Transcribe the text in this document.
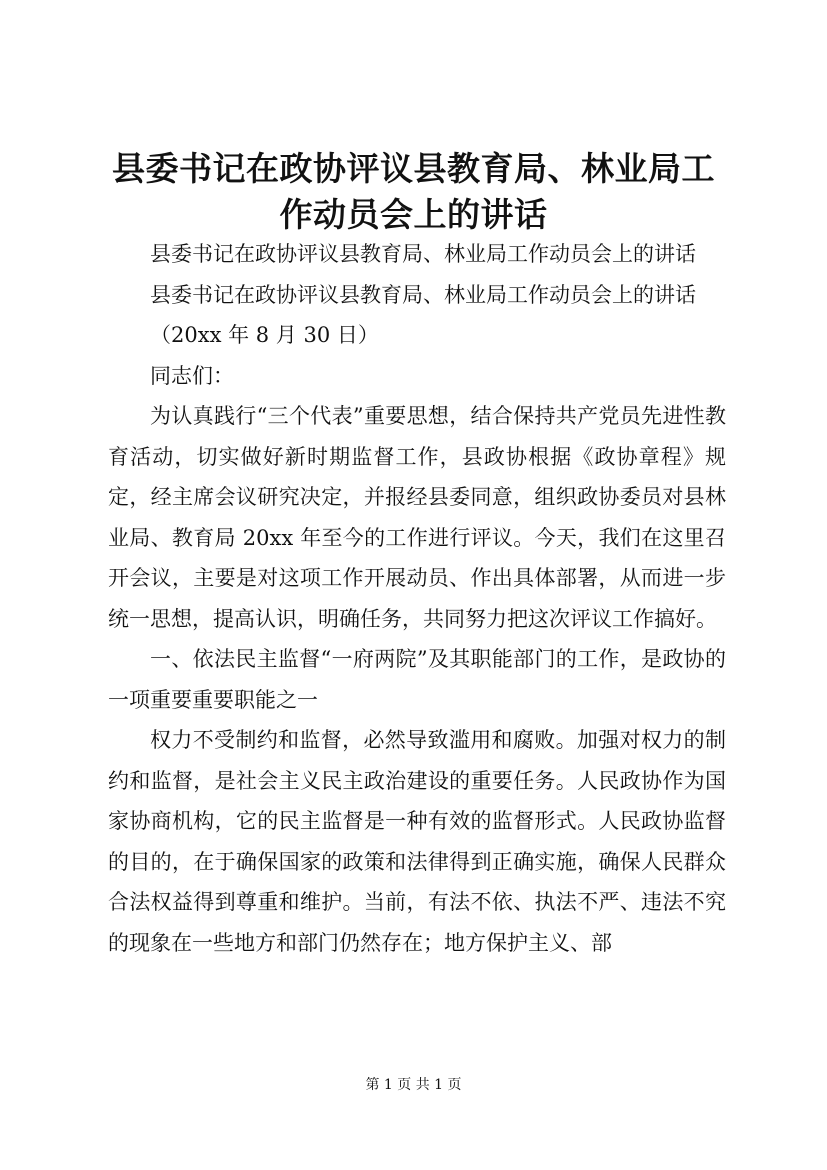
县委书记在政协评议县教育局、林业局工作动员会上的讲话

县委书记在政协评议县教育局、林业局工作动员会上的讲话

县委书记在政协评议县教育局、林业局工作动员会上的讲话

（20xx 年 8 月 30 日）

同志们：

为认真践行“三个代表”重要思想，结合保持共产党员先进性教育活动，切实做好新时期监督工作，县政协根据《政协章程》规定，经主席会议研究决定，并报经县委同意，组织政协委员对县林业局、教育局 20xx 年至今的工作进行评议。今天，我们在这里召开会议，主要是对这项工作开展动员、作出具体部署，从而进一步统一思想，提高认识，明确任务，共同努力把这次评议工作搞好。

一、依法民主监督“一府两院”及其职能部门的工作，是政协的一项重要重要职能之一

权力不受制约和监督，必然导致滥用和腐败。加强对权力的制约和监督，是社会主义民主政治建设的重要任务。人民政协作为国家协商机构，它的民主监督是一种有效的监督形式。人民政协监督的目的，在于确保国家的政策和法律得到正确实施，确保人民群众合法权益得到尊重和维护。当前，有法不依、执法不严、违法不究的现象在一些地方和部门仍然存在；地方保护主义、部

第 1 页 共 1 页
